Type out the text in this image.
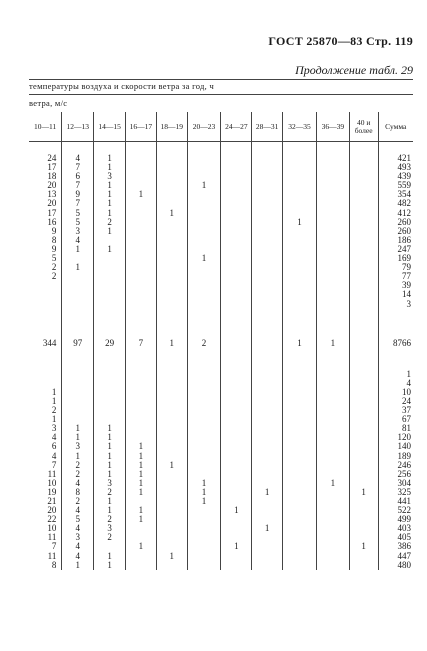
ГОСТ 25870—83 Стр. 119
Продолжение табл. 29
температуры воздуха и скорости ветра за год, ч
ветра, м/с
10—11	12—13	14—15	16—17	18—19	20—23	24—27	28—31	32—35	36—39	40 и более	Сумма

24	4	1									421
17	7	1									493
18	6	3									439
20	7	1			1						559
13	9	1	1								354
20	7	1									482
17	5	1		1							412
16	5	2						1			260
9	3	1									260
8	4										186
9	1	1									247
5					1						169
2	1										79
2											77
											39
											14
											3

344	97	29	7	1	2			1	1		8766

											1
											4
1											10
1											24
2											37
1											67
3	1	1									81
4	1	1									120
6	3	1	1								140
4	1	1	1								189
7	2	1	1	1							246
11	2	1	1								256
10	4	3	1		1				1		304
19	8	2	1		1		1			1	325
21	2	1			1						441
20	4	1	1			1					522
22	5	2	1								499
10	4	3					1				403
11	3	2									405
7	4		1			1				1	386
11	4	1		1							447
8	1	1									480
